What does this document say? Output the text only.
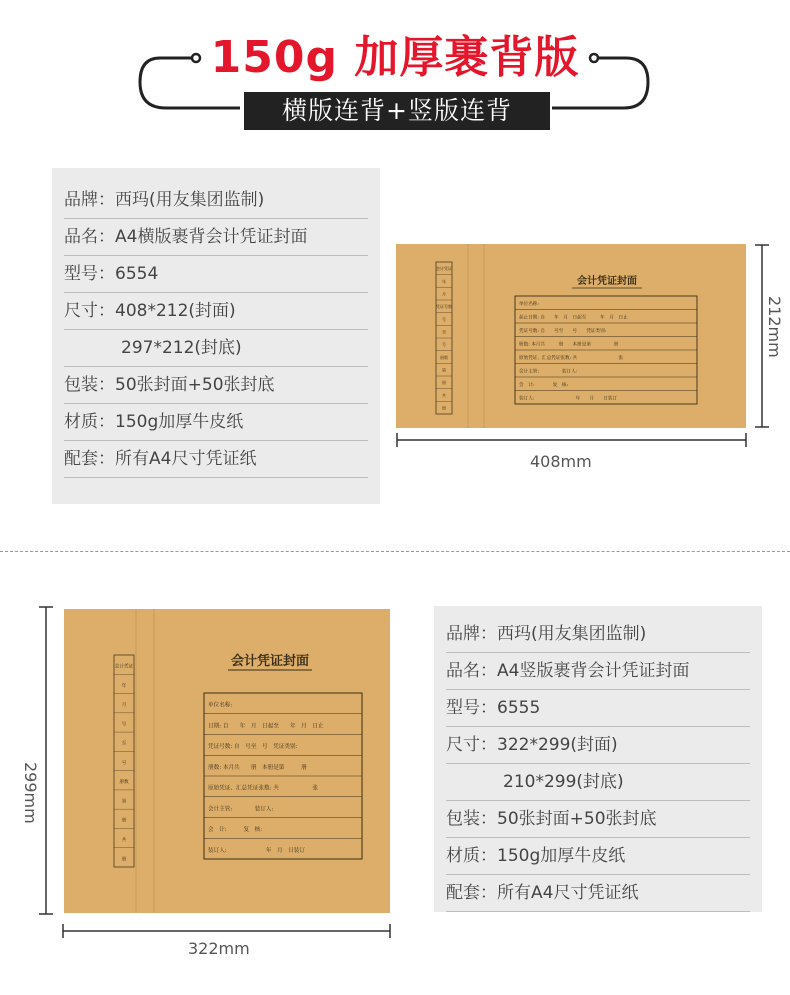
150g 加厚裹背版
横版连背+竖版连背
品牌：西玛(用友集团监制)
品名：A4横版裹背会计凭证封面
型号：6554
尺寸：408*212(封面)
297*212(封底)
包装：50张封面+50张封底
材质：150g加厚牛皮纸
配套：所有A4尺寸凭证纸
会计凭证
年
月
凭证号数
号
至
号
册数
第
册
共
册
会计凭证封面
单位名称:
起止日期: 自　　年　月　日起至　　　年　月　日止
凭证号数: 自　　号至　　号　　凭证类别:
册数: 本月共　　　册　　本册是第　　　　　册
原始凭证、汇总凭证张数: 共　　　　　　　　　张
会计主管:　　　　　装订人:
会　计:　　　　复　核:
装订人:　　　　　　　　　年　　月　　日装订
212mm
408mm
会计凭证
年
月
号
至
号
册数
第
册
共
册
会计凭证封面
单位名称:
日期: 自　　年　月　日起至　　年　月　日止
凭证号数: 自　号至　号　凭证类别:
册数: 本月共　　册　本册是第　　　册
原始凭证、汇总凭证张数: 共　　　　　　张
会计主管:　　　　装订人:
会　计:　　　复　核:
装订人:　　　　　　　年　月　日装订
299mm
322mm
品牌：西玛(用友集团监制)
品名：A4竖版裹背会计凭证封面
型号：6555
尺寸：322*299(封面)
210*299(封底)
包装：50张封面+50张封底
材质：150g加厚牛皮纸
配套：所有A4尺寸凭证纸
